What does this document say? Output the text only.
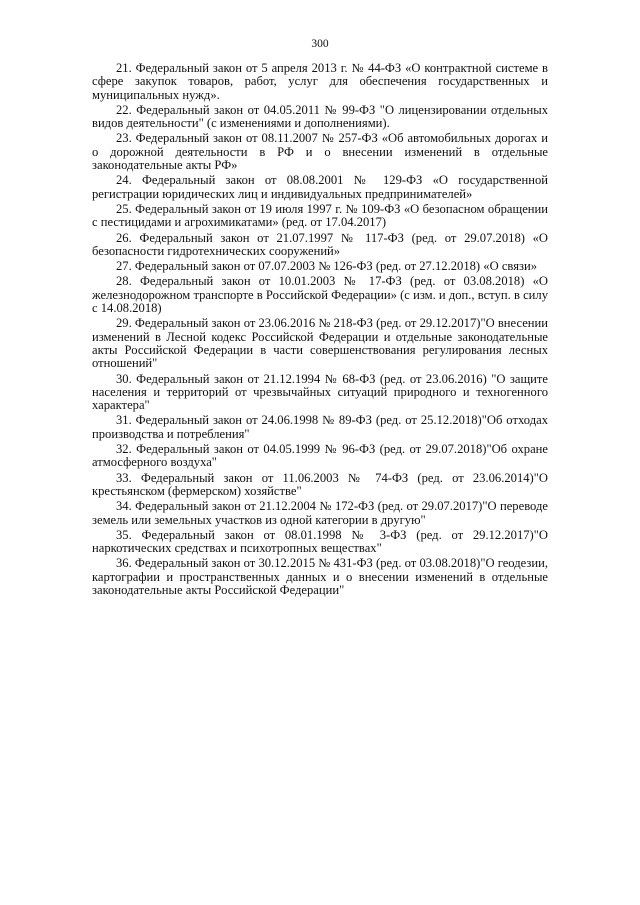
300

21. Федеральный закон от 5 апреля 2013 г. № 44-ФЗ «О контрактной системе в сфере закупок товаров, работ, услуг для обеспечения государственных и муниципальных нужд».

22. Федеральный закон от 04.05.2011 № 99-ФЗ "О лицензировании отдельных видов деятельности" (с изменениями и дополнениями).

23. Федеральный закон от 08.11.2007 № 257-ФЗ «Об автомобильных дорогах и о дорожной деятельности в РФ и о внесении изменений в отдельные законодательные акты РФ»

24. Федеральный закон от 08.08.2001 № 129-ФЗ «О государственной регистрации юридических лиц и индивидуальных предпринимателей»

25. Федеральный закон от 19 июля 1997 г. № 109-ФЗ «О безопасном обращении с пестицидами и агрохимикатами» (ред. от 17.04.2017)

26. Федеральный закон от 21.07.1997 № 117-ФЗ (ред. от 29.07.2018) «О безопасности гидротехнических сооружений»

27. Федеральный закон от 07.07.2003 № 126-ФЗ (ред. от 27.12.2018) «О связи»

28. Федеральный закон от 10.01.2003 № 17-ФЗ (ред. от 03.08.2018) «О железнодорожном транспорте в Российской Федерации» (с изм. и доп., вступ. в силу с 14.08.2018)

29. Федеральный закон от 23.06.2016 № 218-ФЗ (ред. от 29.12.2017)"О внесении изменений в Лесной кодекс Российской Федерации и отдельные законодательные акты Российской Федерации в части совершенствования регулирования лесных отношений"

30. Федеральный закон от 21.12.1994 № 68-ФЗ (ред. от 23.06.2016) "О защите населения и территорий от чрезвычайных ситуаций природного и техногенного характера"

31. Федеральный закон от 24.06.1998 № 89-ФЗ (ред. от 25.12.2018)"Об отходах производства и потребления"

32. Федеральный закон от 04.05.1999 № 96-ФЗ (ред. от 29.07.2018)"Об охране атмосферного воздуха"

33. Федеральный закон от 11.06.2003 № 74-ФЗ (ред. от 23.06.2014)"О крестьянском (фермерском) хозяйстве"

34. Федеральный закон от 21.12.2004 № 172-ФЗ (ред. от 29.07.2017)"О переводе земель или земельных участков из одной категории в другую"

35. Федеральный закон от 08.01.1998 № 3-ФЗ (ред. от 29.12.2017)"О наркотических средствах и психотропных веществах"

36. Федеральный закон от 30.12.2015 № 431-ФЗ (ред. от 03.08.2018)"О геодезии, картографии и пространственных данных и о внесении изменений в отдельные законодательные акты Российской Федерации"
